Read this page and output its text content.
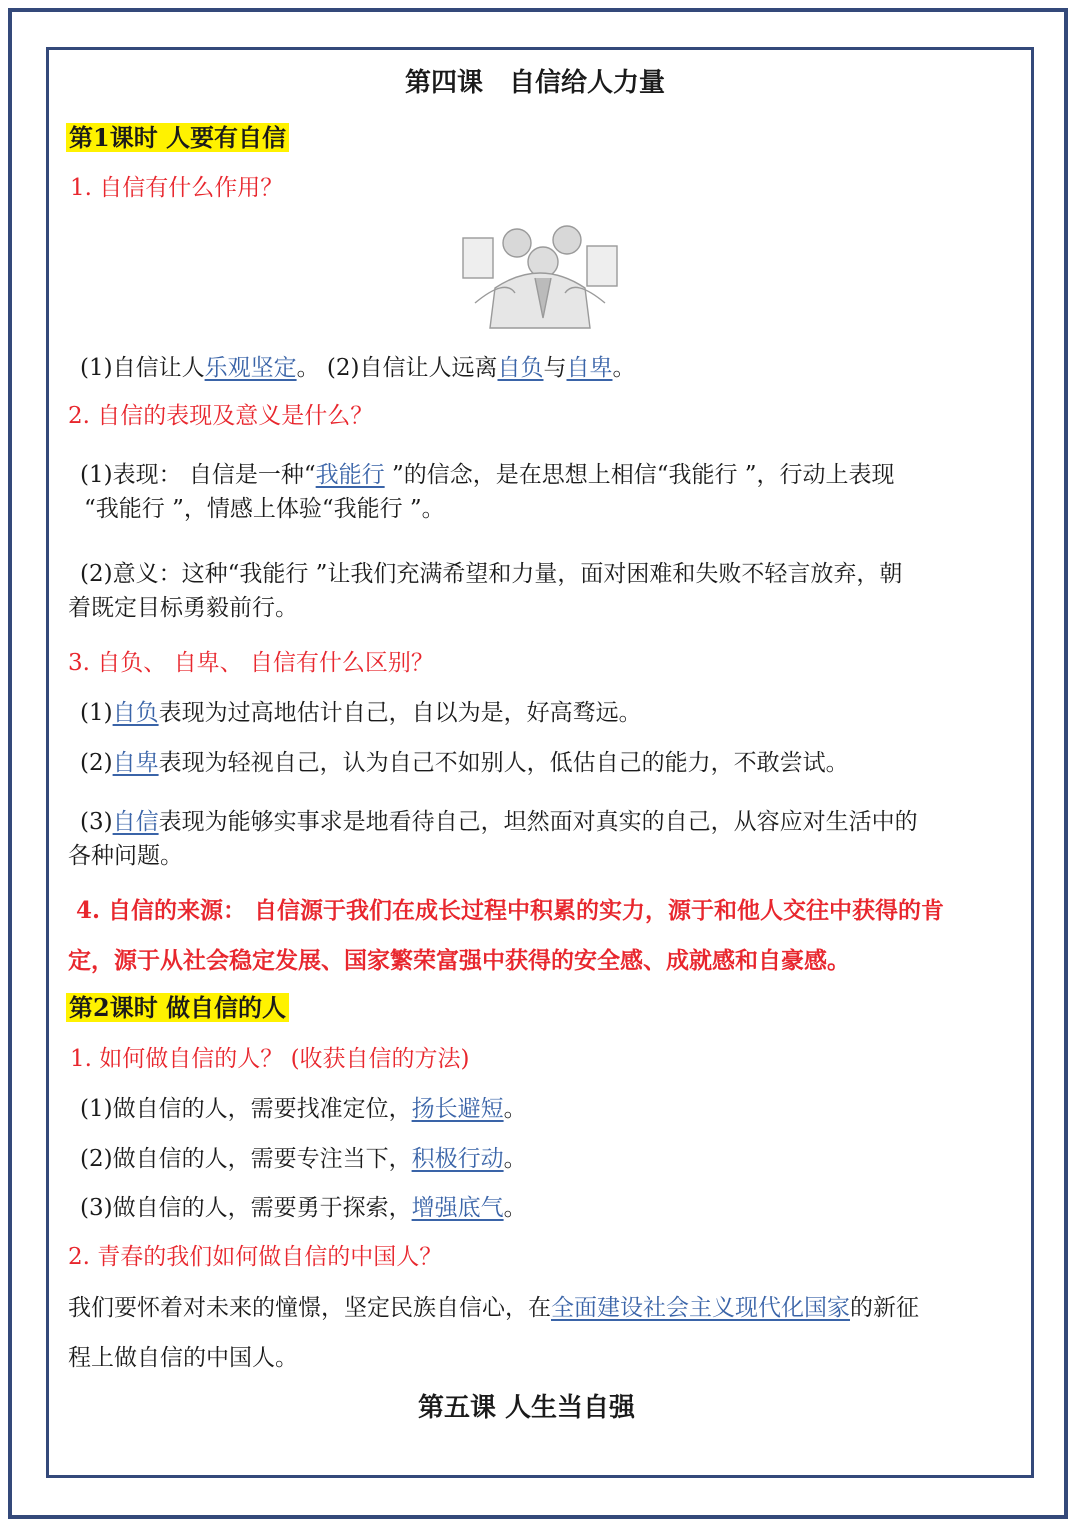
第四课　自信给人力量
第1课时 人要有自信
1. 自信有什么作用？
(1)自信让人乐观坚定。 (2)自信让人远离自负与自卑。
2. 自信的表现及意义是什么？
(1)表现： 自信是一种“我能行 ”的信念，是在思想上相信“我能行 ”，行动上表现
“我能行 ”，情感上体验“我能行 ”。
(2)意义：这种“我能行 ”让我们充满希望和力量，面对困难和失败不轻言放弃，朝
着既定目标勇毅前行。
3. 自负、 自卑、 自信有什么区别？
(1)自负表现为过高地估计自己，自以为是，好高骛远。
(2)自卑表现为轻视自己，认为自己不如别人，低估自己的能力，不敢尝试。
(3)自信表现为能够实事求是地看待自己，坦然面对真实的自己，从容应对生活中的
各种问题。
4. 自信的来源： 自信源于我们在成长过程中积累的实力，源于和他人交往中获得的肯
定，源于从社会稳定发展、国家繁荣富强中获得的安全感、成就感和自豪感。
第2课时 做自信的人
1. 如何做自信的人？ (收获自信的方法)
(1)做自信的人，需要找准定位，扬长避短。
(2)做自信的人，需要专注当下，积极行动。
(3)做自信的人，需要勇于探索，增强底气。
2. 青春的我们如何做自信的中国人？
我们要怀着对未来的憧憬，坚定民族自信心，在全面建设社会主义现代化国家的新征
程上做自信的中国人。
第五课 人生当自强
